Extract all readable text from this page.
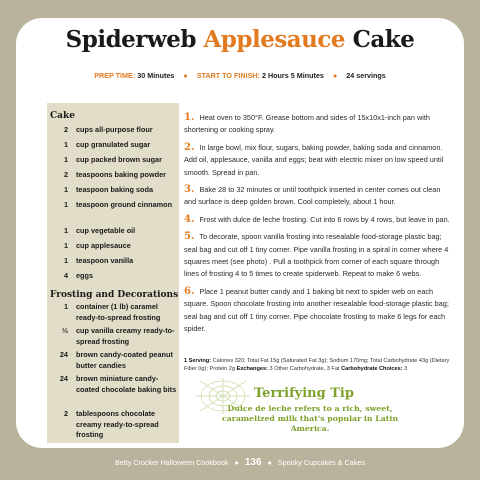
Spiderweb Applesauce Cake
PREP TIME: 30 Minutes ● START TO FINISH: 2 Hours 5 Minutes ● 24 servings
Cake
2	cups all-purpose flour
1	cup granulated sugar
1	cup packed brown sugar
2	teaspoons baking powder
1	teaspoon baking soda
1	teaspoon ground cinnamon
1	cup vegetable oil
1	cup applesauce
1	teaspoon vanilla
4	eggs
Frosting and Decorations
1	container (1 lb) caramel ready-to-spread frosting
⅓	cup vanilla creamy ready-to-spread frosting
24	brown candy-coated peanut butter candies
24	brown miniature candy-coated chocolate baking bits
2	tablespoons chocolate creamy ready-to-spread frosting

1. Heat oven to 350°F. Grease bottom and sides of 15x10x1-inch pan with shortening or cooking spray.

2. In large bowl, mix flour, sugars, baking powder, baking soda and cinnamon. Add oil, applesauce, vanilla and eggs; beat with electric mixer on low speed until smooth. Spread in pan.

3. Bake 28 to 32 minutes or until toothpick inserted in center comes out clean and surface is deep golden brown. Cool completely, about 1 hour.

4. Frost with dulce de leche frosting. Cut into 6 rows by 4 rows, but leave in pan.

5. To decorate, spoon vanilla frosting into resealable food-storage plastic bag; seal bag and cut off 1 tiny corner. Pipe vanilla frosting in a spiral in corner where 4 squares meet (see photo) . Pull a toothpick from corner of each square through lines of frosting 4 to 5 times to create spiderweb. Repeat to make 6 webs.

6. Place 1 peanut butter candy and 1 baking bit next to spider web on each square. Spoon chocolate frosting into another resealable food-storage plastic bag; seal bag and cut off 1 tiny corner. Pipe chocolate frosting to make 6 legs for each spider.

1 Serving: Calories 320; Total Fat 15g (Saturated Fat 3g); Sodium 170mg; Total Carbohydrate 43g (Dietary Fiber 0g); Protein 2g Exchanges: 3 Other Carbohydrate, 3 Fat Carbohydrate Choices: 3

Terrifying Tip

Dulce de leche refers to a rich, sweet, caramelized milk that's popular in Latin America.

Betty Crocker Halloween Cookbook ● 136 ● Spooky Cupcakes & Cakes
